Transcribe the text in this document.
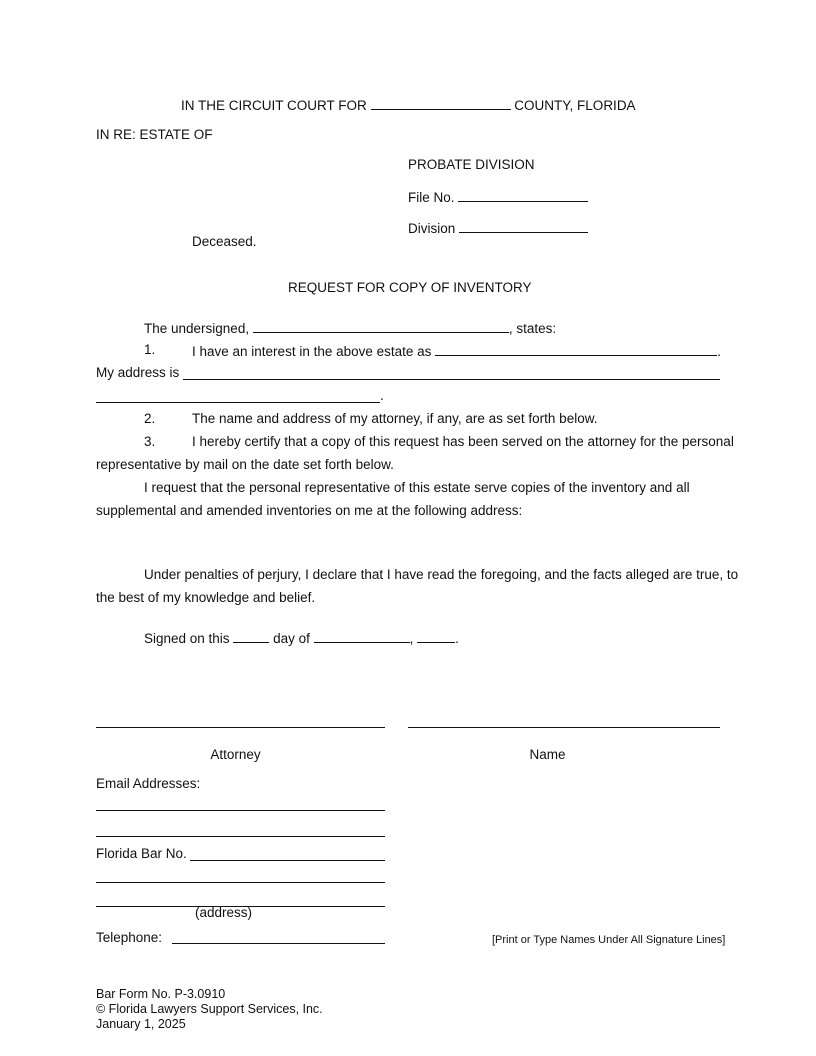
IN THE CIRCUIT COURT FOR	COUNTY, FLORIDA
IN RE: ESTATE OF
PROBATE DIVISION
File No.
Division
Deceased.
REQUEST FOR COPY OF INVENTORY
The undersigned,	, states:
1.	I have an interest in the above estate as	.
My address is
.
2.	The name and address of my attorney, if any, are as set forth below.
3.	I hereby certify that a copy of this request has been served on the attorney for the personal
representative by mail on the date set forth below.
I request that the personal representative of this estate serve copies of the inventory and all
supplemental and amended inventories on me at the following address:
Under penalties of perjury, I declare that I have read the foregoing, and the facts alleged are true, to
the best of my knowledge and belief.
Signed on this	day of	,	.
Attorney	Name
Email Addresses:
Florida Bar No.
(address)
Telephone:	[Print or Type Names Under All Signature Lines]
Bar Form No. P-3.0910
© Florida Lawyers Support Services, Inc.
January 1, 2025
